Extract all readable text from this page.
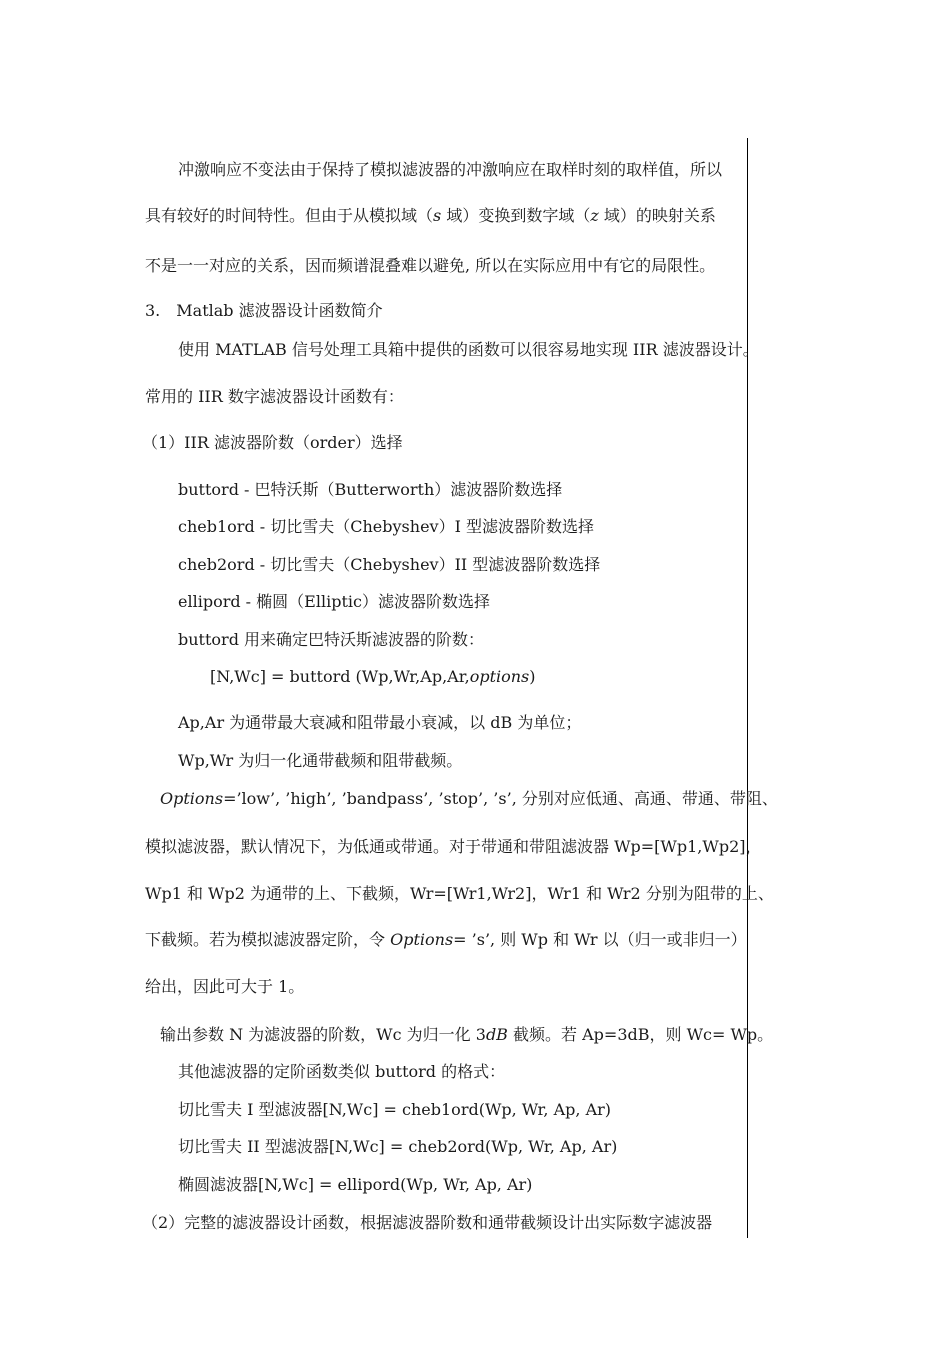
冲激响应不变法由于保持了模拟滤波器的冲激响应在取样时刻的取样值，所以
具有较好的时间特性。但由于从模拟域（s 域）变换到数字域（z 域）的映射关系
不是一一对应的关系，因而频谱混叠难以避免, 所以在实际应用中有它的局限性。
3. Matlab 滤波器设计函数简介
使用 MATLAB 信号处理工具箱中提供的函数可以很容易地实现 IIR 滤波器设计。
常用的 IIR 数字滤波器设计函数有：
（1）IIR 滤波器阶数（order）选择
buttord - 巴特沃斯（Butterworth）滤波器阶数选择
cheb1ord - 切比雪夫（Chebyshev）I 型滤波器阶数选择
cheb2ord - 切比雪夫（Chebyshev）II 型滤波器阶数选择
ellipord - 椭圆（Elliptic）滤波器阶数选择
buttord 用来确定巴特沃斯滤波器的阶数：
[N,Wc] = buttord (Wp,Wr,Ap,Ar,options)
Ap,Ar 为通带最大衰减和阻带最小衰减，以 dB 为单位；
Wp,Wr 为归一化通带截频和阻带截频。
Options=’low’, ’high’, ’bandpass’, ’stop’, ’s’, 分别对应低通、高通、带通、带阻、
模拟滤波器，默认情况下，为低通或带通。对于带通和带阻滤波器 Wp=[Wp1,Wp2]，
Wp1 和 Wp2 为通带的上、下截频，Wr=[Wr1,Wr2]，Wr1 和 Wr2 分别为阻带的上、
下截频。若为模拟滤波器定阶，令 Options= ’s’, 则 Wp 和 Wr 以（归一或非归一）
给出，因此可大于 1。
输出参数 N 为滤波器的阶数，Wc 为归一化 3dB 截频。若 Ap=3dB，则 Wc= Wp。
其他滤波器的定阶函数类似 buttord 的格式：
切比雪夫 I 型滤波器[N,Wc] = cheb1ord(Wp, Wr, Ap, Ar)
切比雪夫 II 型滤波器[N,Wc] = cheb2ord(Wp, Wr, Ap, Ar)
椭圆滤波器[N,Wc] = ellipord(Wp, Wr, Ap, Ar)
（2）完整的滤波器设计函数，根据滤波器阶数和通带截频设计出实际数字滤波器
